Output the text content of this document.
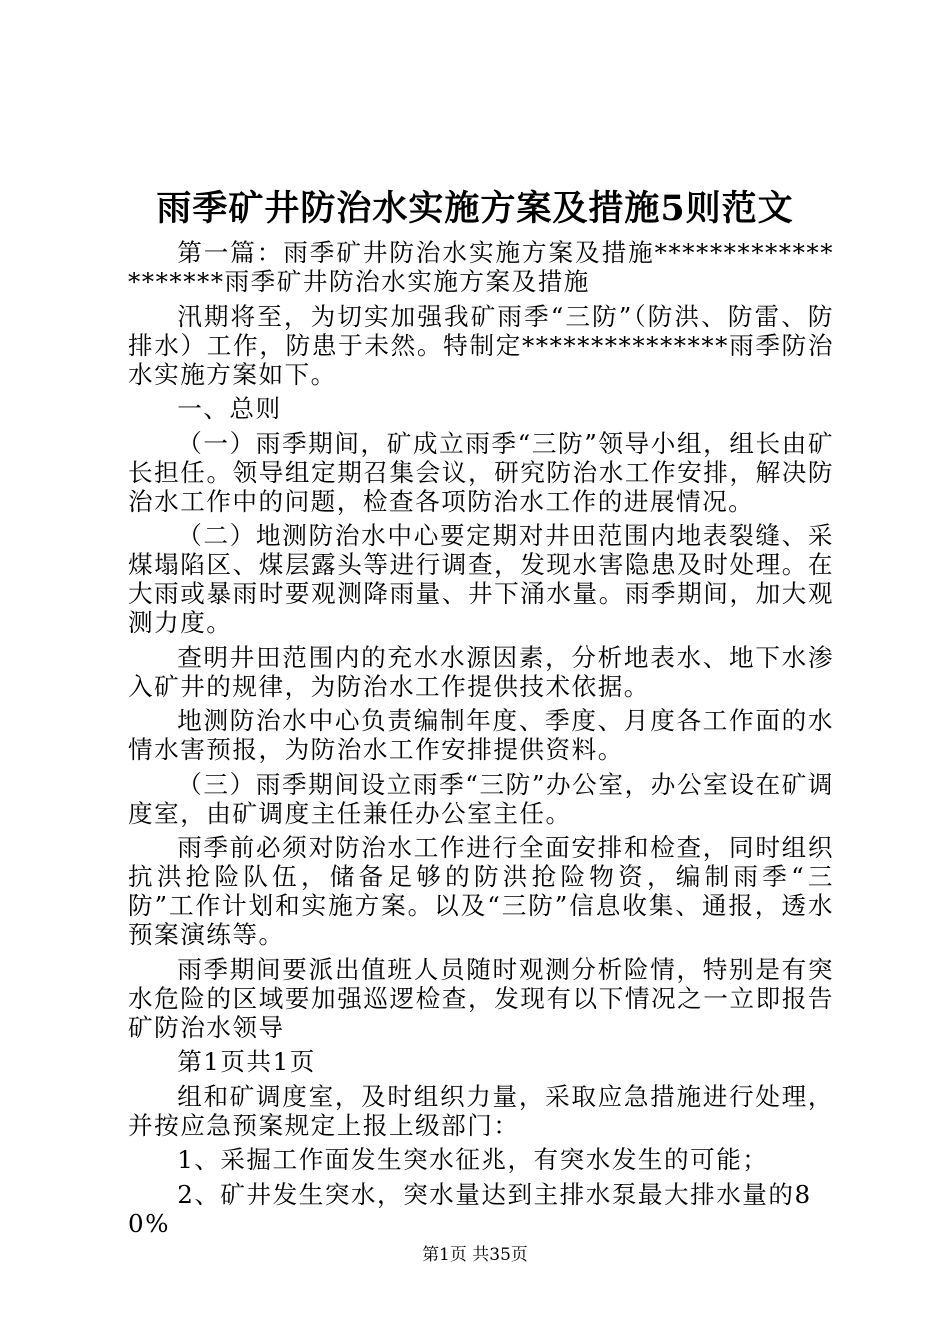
雨季矿井防治水实施方案及措施5则范文

第一篇：雨季矿井防治水实施方案及措施********************雨季矿井防治水实施方案及措施

汛期将至，为切实加强我矿雨季“三防”（防洪、防雷、防排水）工作，防患于未然。特制定***************雨季防治水实施方案如下。

一、总则

（一）雨季期间，矿成立雨季“三防”领导小组，组长由矿长担任。领导组定期召集会议，研究防治水工作安排，解决防治水工作中的问题，检查各项防治水工作的进展情况。

（二）地测防治水中心要定期对井田范围内地表裂缝、采煤塌陷区、煤层露头等进行调查，发现水害隐患及时处理。在大雨或暴雨时要观测降雨量、井下涌水量。雨季期间，加大观测力度。

查明井田范围内的充水水源因素，分析地表水、地下水渗入矿井的规律，为防治水工作提供技术依据。

地测防治水中心负责编制年度、季度、月度各工作面的水情水害预报，为防治水工作安排提供资料。

（三）雨季期间设立雨季“三防”办公室，办公室设在矿调度室，由矿调度主任兼任办公室主任。

雨季前必须对防治水工作进行全面安排和检查，同时组织抗洪抢险队伍，储备足够的防洪抢险物资，编制雨季“三防”工作计划和实施方案。以及“三防”信息收集、通报，透水预案演练等。

雨季期间要派出值班人员随时观测分析险情，特别是有突水危险的区域要加强巡逻检查，发现有以下情况之一立即报告矿防治水领导

第1页共1页

组和矿调度室，及时组织力量，采取应急措施进行处理，并按应急预案规定上报上级部门：

1、采掘工作面发生突水征兆，有突水发生的可能；

2、矿井发生突水，突水量达到主排水泵最大排水量的80%

第1页 共35页
